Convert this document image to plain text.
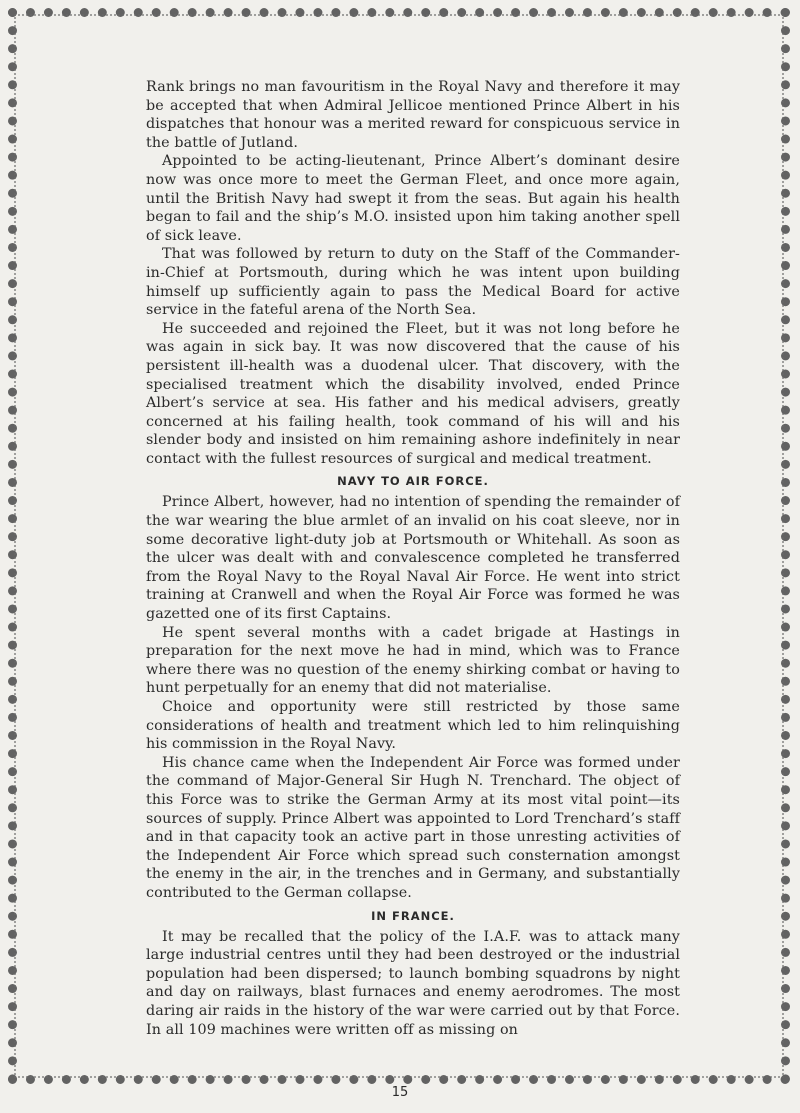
Rank brings no man favouritism in the Royal Navy and therefore it may be accepted that when Admiral Jellicoe mentioned Prince Albert in his dispatches that honour was a merited reward for conspicuous service in the battle of Jutland.

Appointed to be acting-lieutenant, Prince Albert’s dominant desire now was once more to meet the German Fleet, and once more again, until the British Navy had swept it from the seas. But again his health began to fail and the ship’s M.O. insisted upon him taking another spell of sick leave.

That was followed by return to duty on the Staff of the Commander-in-Chief at Portsmouth, during which he was intent upon building himself up sufficiently again to pass the Medical Board for active service in the fateful arena of the North Sea.

He succeeded and rejoined the Fleet, but it was not long before he was again in sick bay. It was now discovered that the cause of his persistent ill-health was a duodenal ulcer. That discovery, with the specialised treatment which the disability involved, ended Prince Albert’s service at sea. His father and his medical advisers, greatly concerned at his failing health, took command of his will and his slender body and insisted on him remaining ashore indefinitely in near contact with the fullest resources of surgical and medical treatment.

NAVY TO AIR FORCE.

Prince Albert, however, had no intention of spending the remainder of the war wearing the blue armlet of an invalid on his coat sleeve, nor in some decorative light-duty job at Portsmouth or Whitehall. As soon as the ulcer was dealt with and convalescence completed he transferred from the Royal Navy to the Royal Naval Air Force. He went into strict training at Cranwell and when the Royal Air Force was formed he was gazetted one of its first Captains.

He spent several months with a cadet brigade at Hastings in preparation for the next move he had in mind, which was to France where there was no question of the enemy shirking combat or having to hunt perpetually for an enemy that did not materialise.

Choice and opportunity were still restricted by those same considerations of health and treatment which led to him relinquishing his commission in the Royal Navy.

His chance came when the Independent Air Force was formed under the command of Major-General Sir Hugh N. Trenchard. The object of this Force was to strike the German Army at its most vital point—its sources of supply. Prince Albert was appointed to Lord Trenchard’s staff and in that capacity took an active part in those unresting activities of the Independent Air Force which spread such consternation amongst the enemy in the air, in the trenches and in Germany, and substantially contributed to the German collapse.

IN FRANCE.

It may be recalled that the policy of the I.A.F. was to attack many large industrial centres until they had been destroyed or the industrial population had been dispersed; to launch bombing squadrons by night and day on railways, blast furnaces and enemy aerodromes. The most daring air raids in the history of the war were carried out by that Force. In all 109 machines were written off as missing on

15
